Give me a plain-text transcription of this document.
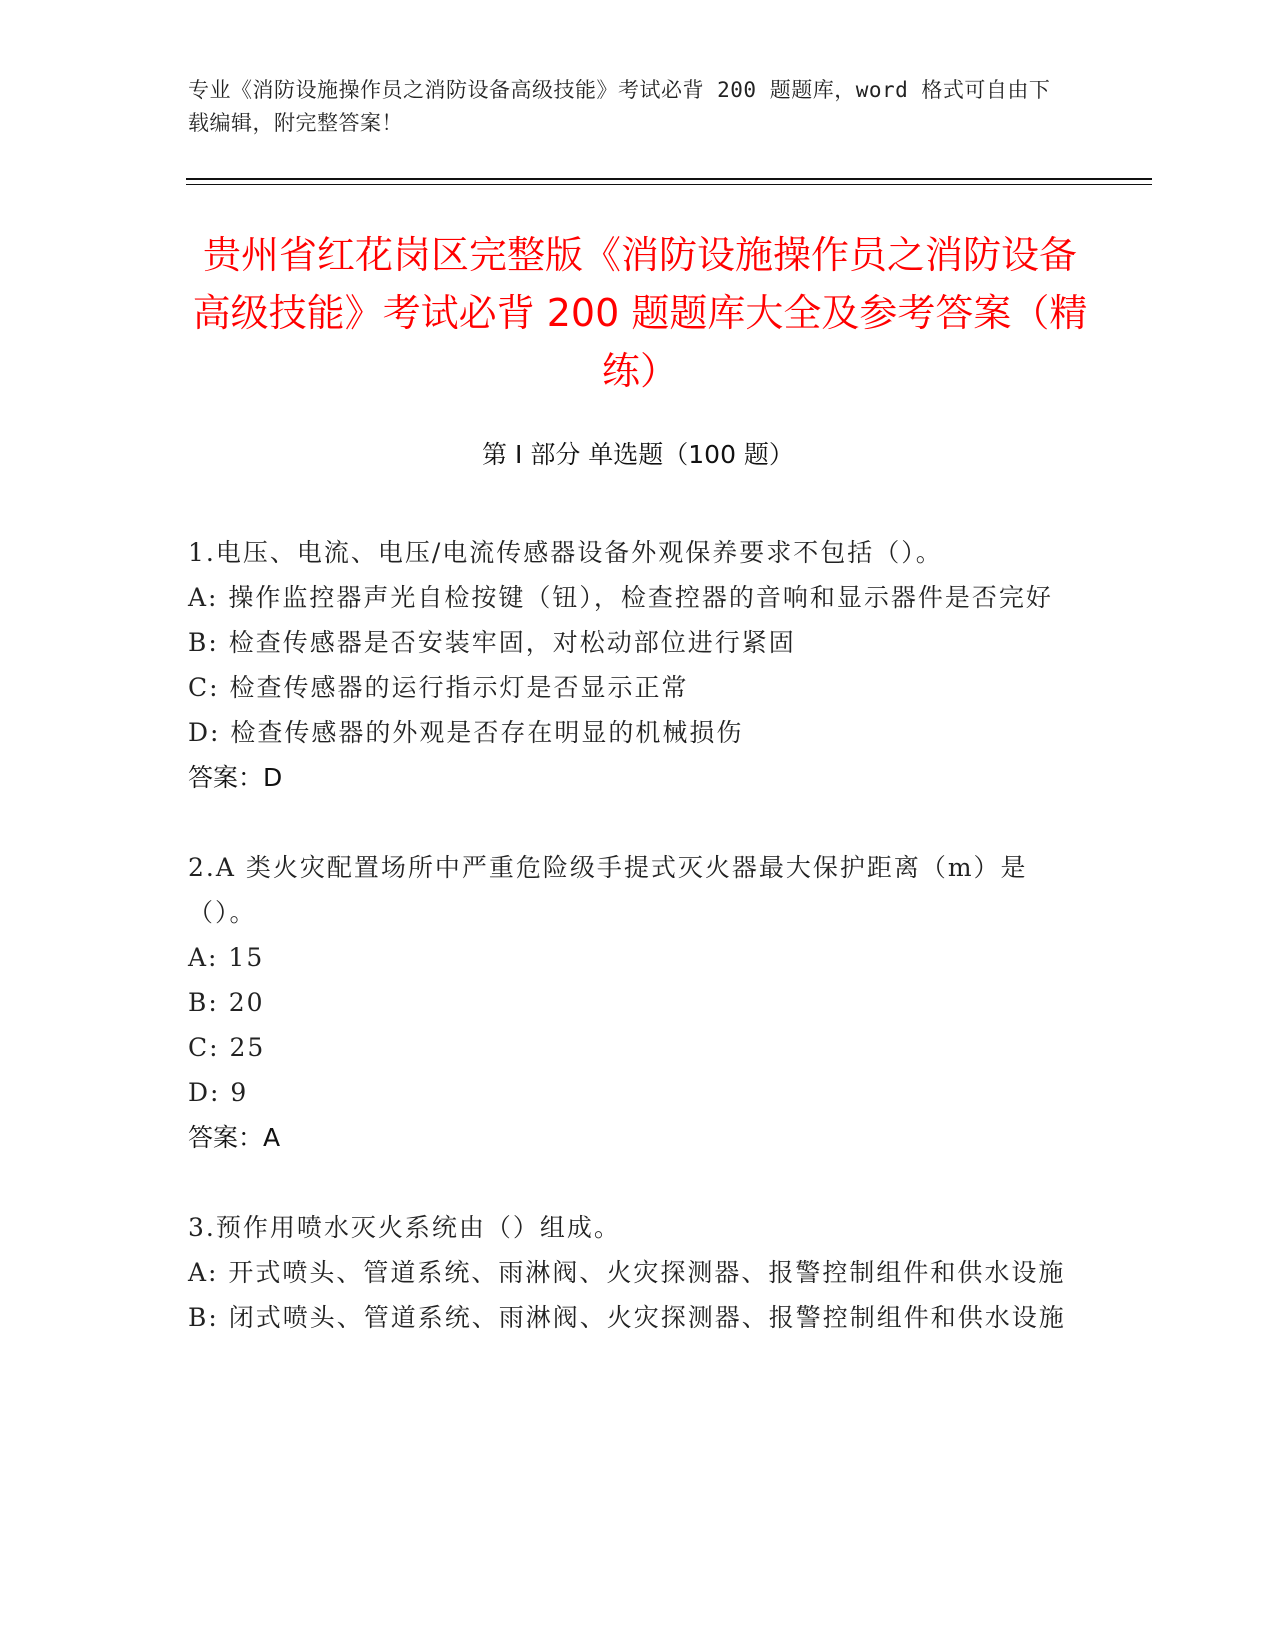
专业《消防设施操作员之消防设备高级技能》考试必背 200 题题库，word 格式可自由下载编辑，附完整答案！
贵州省红花岗区完整版《消防设施操作员之消防设备高级技能》考试必背 200 题题库大全及参考答案（精练）
第 I 部分 单选题（100 题）

1.电压、电流、电压/电流传感器设备外观保养要求不包括（）。

A: 操作监控器声光自检按键（钮），检查控器的音响和显示器件是否完好

B: 检查传感器是否安装牢固，对松动部位进行紧固

C: 检查传感器的运行指示灯是否显示正常

D: 检查传感器的外观是否存在明显的机械损伤

答案：D

2.A 类火灾配置场所中严重危险级手提式灭火器最大保护距离（m）是（）。

A: 15

B: 20

C: 25

D: 9

答案：A

3.预作用喷水灭火系统由（）组成。

A: 开式喷头、管道系统、雨淋阀、火灾探测器、报警控制组件和供水设施

B: 闭式喷头、管道系统、雨淋阀、火灾探测器、报警控制组件和供水设施
